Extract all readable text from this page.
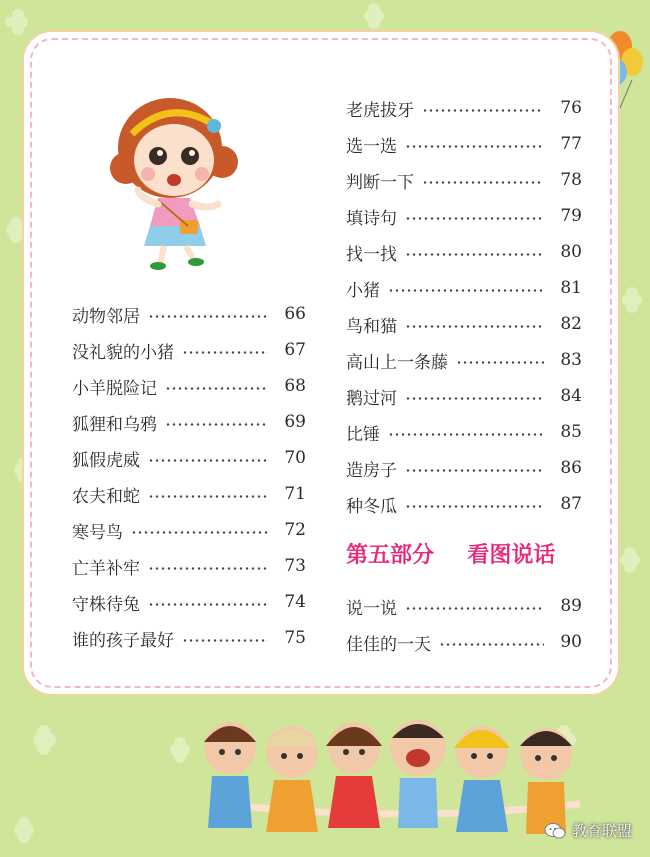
动物邻居	66
没礼貌的小猪	67
小羊脱险记	68
狐狸和乌鸦	69
狐假虎威	70
农夫和蛇	71
寒号鸟	72
亡羊补牢	73
守株待兔	74
谁的孩子最好	75
老虎拔牙	76
选一选	77
判断一下	78
填诗句	79
找一找	80
小猪	81
鸟和猫	82
高山上一条藤	83
鹅过河	84
比锤	85
造房子	86
种冬瓜	87
第五部分 看图说话
说一说	89
佳佳的一天	90
教育联盟
